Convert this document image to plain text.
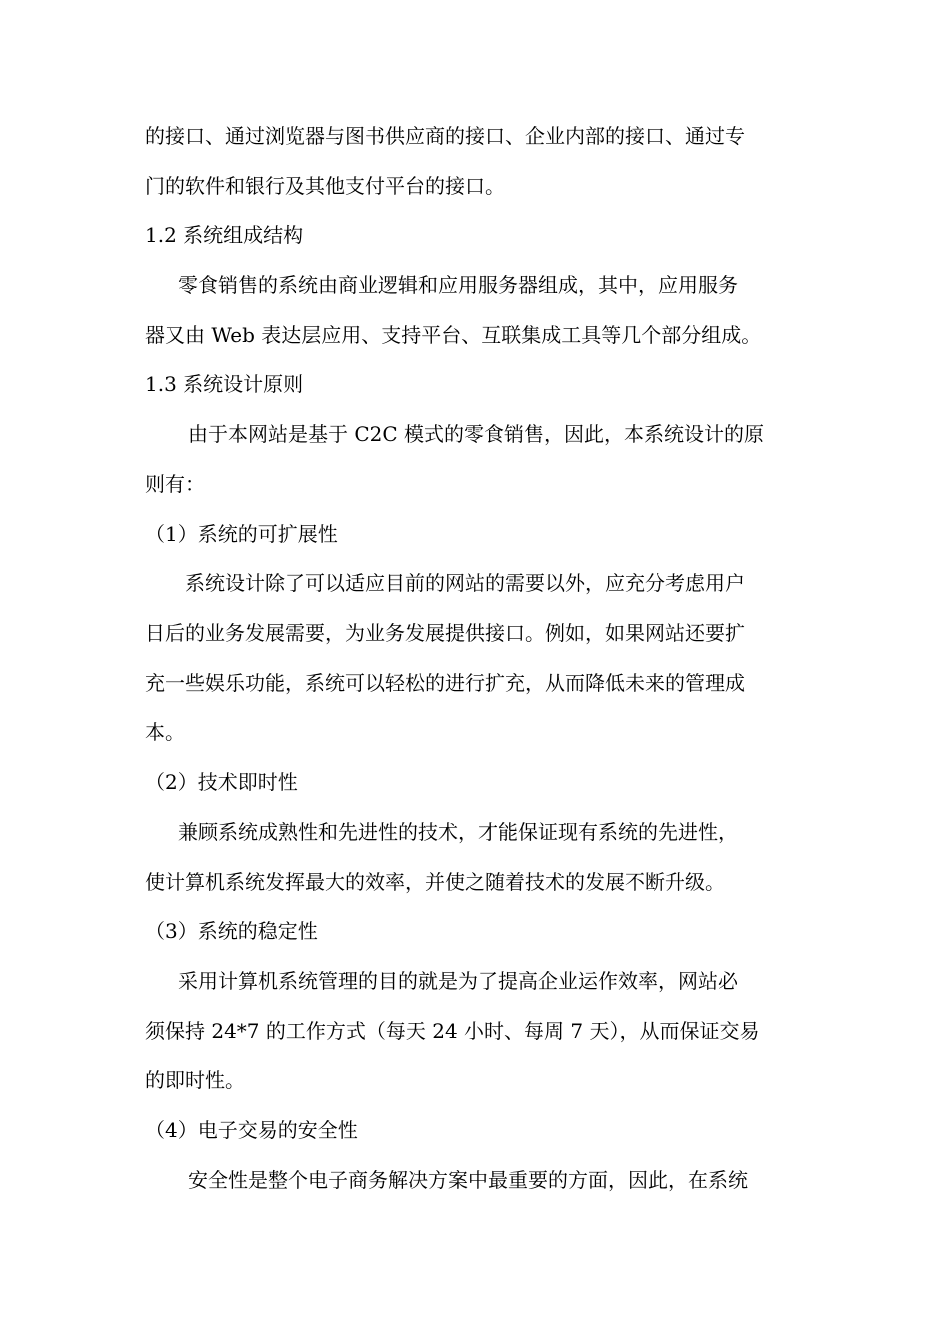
的接口、通过浏览器与图书供应商的接口、企业内部的接口、通过专

门的软件和银行及其他支付平台的接口。

1.2 系统组成结构

零食销售的系统由商业逻辑和应用服务器组成，其中，应用服务

器又由 Web 表达层应用、支持平台、互联集成工具等几个部分组成。

1.3 系统设计原则

由于本网站是基于 C2C 模式的零食销售，因此，本系统设计的原

则有：

（1）系统的可扩展性

系统设计除了可以适应目前的网站的需要以外，应充分考虑用户

日后的业务发展需要，为业务发展提供接口。例如，如果网站还要扩

充一些娱乐功能，系统可以轻松的进行扩充，从而降低未来的管理成

本。

（2）技术即时性

兼顾系统成熟性和先进性的技术，才能保证现有系统的先进性，

使计算机系统发挥最大的效率，并使之随着技术的发展不断升级。

（3）系统的稳定性

采用计算机系统管理的目的就是为了提高企业运作效率，网站必

须保持 24*7 的工作方式（每天 24 小时、每周 7 天），从而保证交易

的即时性。

（4）电子交易的安全性

安全性是整个电子商务解决方案中最重要的方面，因此，在系统
